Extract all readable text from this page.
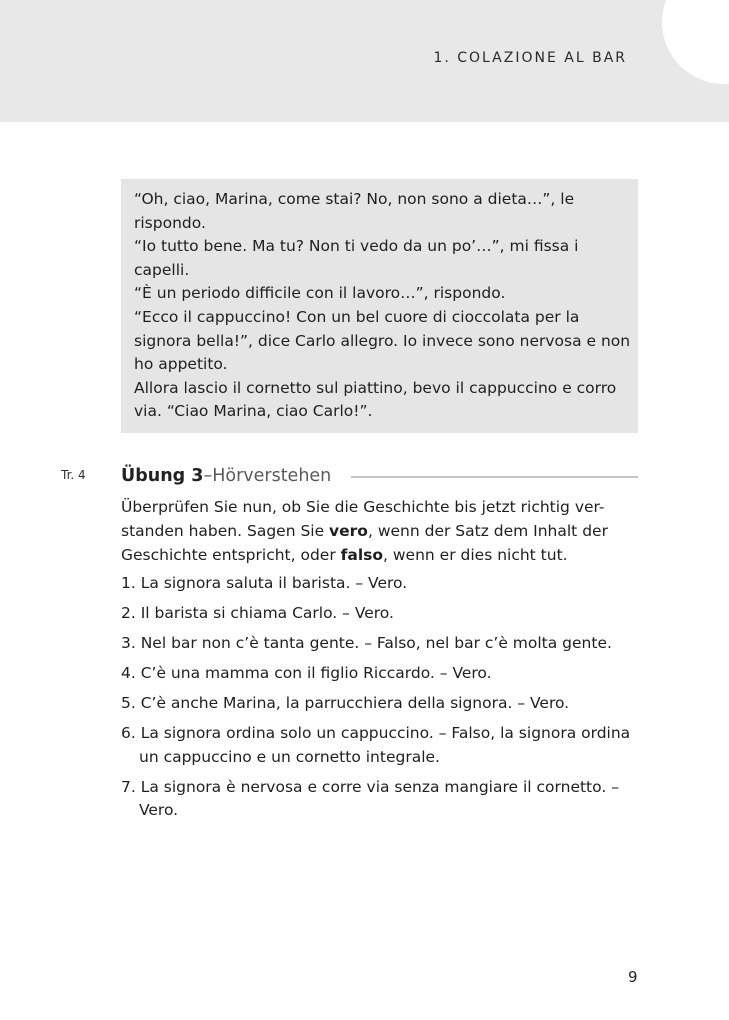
1. COLAZIONE AL BAR
“Oh, ciao, Marina, come stai? No, non sono a dieta…”, le
rispondo.
“Io tutto bene. Ma tu? Non ti vedo da un po’…”, mi fissa i
capelli.
“È un periodo difficile con il lavoro…”, rispondo.
“Ecco il cappuccino! Con un bel cuore di cioccolata per la
signora bella!”, dice Carlo allegro. Io invece sono nervosa e non
ho appetito.
Allora lascio il cornetto sul piattino, bevo il cappuccino e corro
via. “Ciao Marina, ciao Carlo!”.
Tr. 4 Übung 3 – Hörverstehen
Überprüfen Sie nun, ob Sie die Geschichte bis jetzt richtig ver-
standen haben. Sagen Sie vero, wenn der Satz dem Inhalt der
Geschichte entspricht, oder falso, wenn er dies nicht tut.
1. La signora saluta il barista. – Vero.
2. Il barista si chiama Carlo. – Vero.
3. Nel bar non c’è tanta gente. – Falso, nel bar c’è molta gente.
4. C’è una mamma con il figlio Riccardo. – Vero.
5. C’è anche Marina, la parrucchiera della signora. – Vero.
6. La signora ordina solo un cappuccino. – Falso, la signora ordina
un cappuccino e un cornetto integrale.
7. La signora è nervosa e corre via senza mangiare il cornetto. –
Vero.
9
